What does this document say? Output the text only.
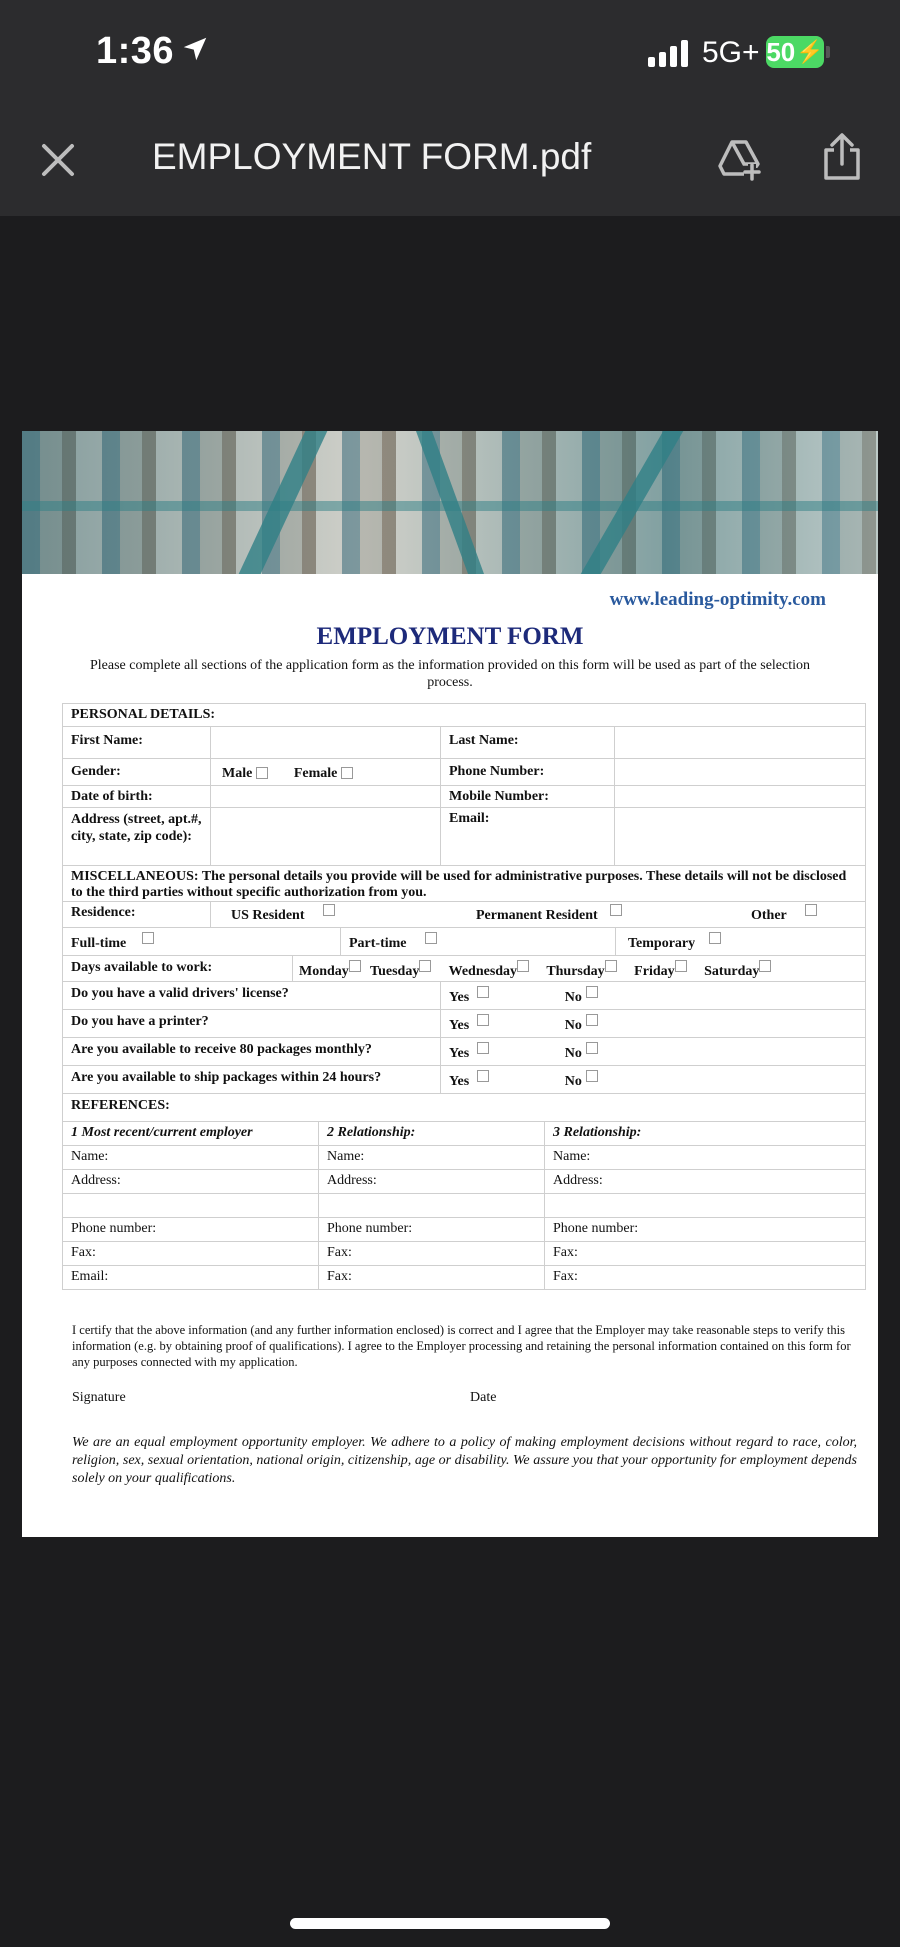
1:36	5G+ 50 ⚡
EMPLOYMENT FORM.pdf
www.leading-optimity.com
EMPLOYMENT FORM
Please complete all sections of the application form as the information provided on this form will be used as part of the selection process.
PERSONAL DETAILS:
First Name:	Last Name:
Gender:	Male	Female	Phone Number:
Date of birth:	Mobile Number:
Address (street, apt.#, city, state, zip code):
Email:
MISCELLANEOUS: The personal details you provide will be used for administrative purposes. These details will not be disclosed to the third parties without specific authorization from you.
Residence:	US Resident	Permanent Resident	Other
Full-time	Part-time	Temporary
Days available to work:	Monday Tuesday Wednesday Thursday Friday Saturday
Do you have a valid drivers' license?	Yes	No
Do you have a printer?	Yes	No
Are you available to receive 80 packages monthly?	Yes	No
Are you available to ship packages within 24 hours?	Yes	No
REFERENCES:
1 Most recent/current employer	2 Relationship:	3 Relationship:
Name:	Name:	Name:
Address:	Address:	Address:
Phone number:	Phone number:	Phone number:
Fax:	Fax:	Fax:
Email:	Fax:	Fax:
I certify that the above information (and any further information enclosed) is correct and I agree that the Employer may take reasonable steps to verify this information (e.g. by obtaining proof of qualifications). I agree to the Employer processing and retaining the personal information contained on this form for any purposes connected with my application.
Signature	Date
We are an equal employment opportunity employer. We adhere to a policy of making employment decisions without regard to race, color, religion, sex, sexual orientation, national origin, citizenship, age or disability. We assure you that your opportunity for employment depends solely on your qualifications.
